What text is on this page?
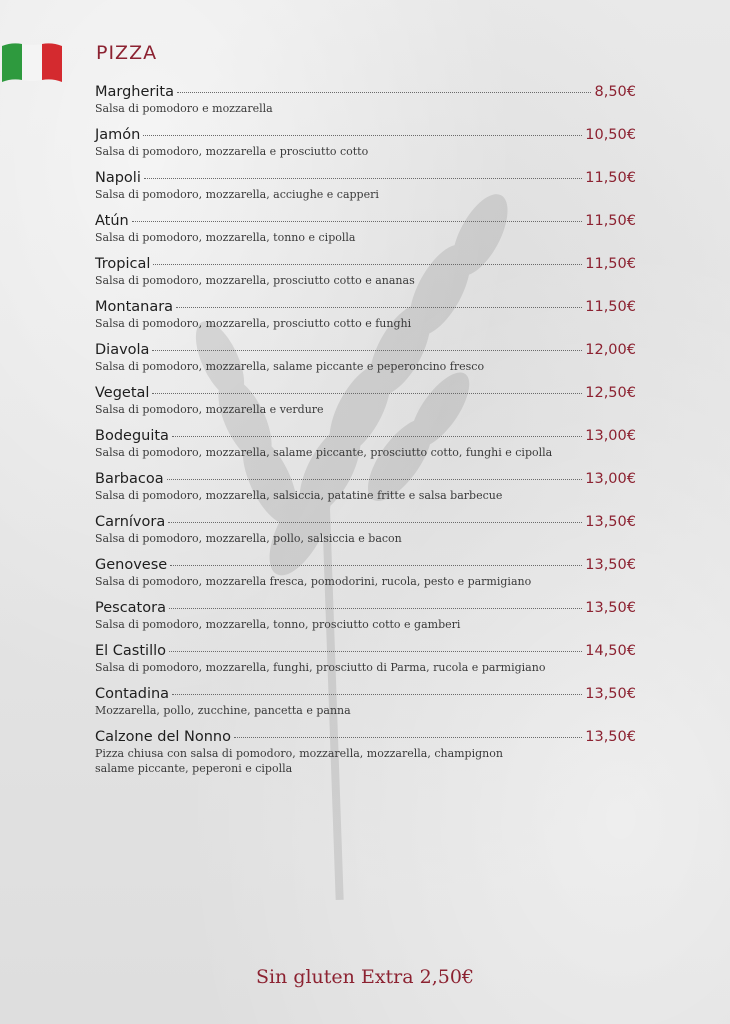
PIZZA
Margherita	8,50€
Salsa di pomodoro e mozzarella
Jamón	10,50€
Salsa di pomodoro, mozzarella e prosciutto cotto
Napoli	11,50€
Salsa di pomodoro, mozzarella, acciughe e capperi
Atún	11,50€
Salsa di pomodoro, mozzarella, tonno e cipolla
Tropical	11,50€
Salsa di pomodoro, mozzarella, prosciutto cotto e ananas
Montanara	11,50€
Salsa di pomodoro, mozzarella, prosciutto cotto e funghi
Diavola	12,00€
Salsa di pomodoro, mozzarella, salame piccante e peperoncino fresco
Vegetal	12,50€
Salsa di pomodoro, mozzarella e verdure
Bodeguita	13,00€
Salsa di pomodoro, mozzarella, salame piccante, prosciutto cotto, funghi e cipolla
Barbacoa	13,00€
Salsa di pomodoro, mozzarella, salsiccia, patatine fritte e salsa barbecue
Carnívora	13,50€
Salsa di pomodoro, mozzarella, pollo, salsiccia e bacon
Genovese	13,50€
Salsa di pomodoro, mozzarella fresca, pomodorini, rucola, pesto e parmigiano
Pescatora	13,50€
Salsa di pomodoro, mozzarella, tonno, prosciutto cotto e gamberi
El Castillo	14,50€
Salsa di pomodoro, mozzarella, funghi, prosciutto di Parma, rucola e parmigiano
Contadina	13,50€
Mozzarella, pollo, zucchine, pancetta e panna
Calzone del Nonno	13,50€
Pizza chiusa con salsa di pomodoro, mozzarella, mozzarella, champignon
salame piccante, peperoni e cipolla
Sin gluten Extra 2,50€
